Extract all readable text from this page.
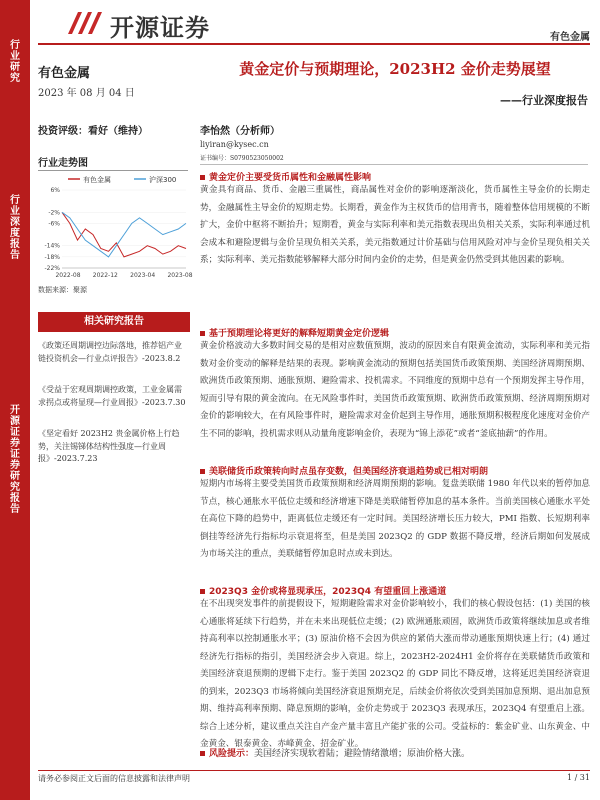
行业研究
行业深度报告
开源证券 证券研究报告
开源证券	有色金属
有色金属
2023 年 08 月 04 日
投资评级：看好（维持）
行业走势图
有色金属	沪深300
6%
-2%
-6%
-14%
-18%
-22%
2022-08 2022-12 2023-04 2023-08
数据来源：聚源
相关研究报告
《政策还周期调控边际落地，推荐铝产业链投资机会—行业点评报告》-2023.8.2
《受益于宏观周期调控政策，工业金属需求拐点或将显现—行业周报》-2023.7.30
《坚定看好 2023H2 贵金属价格上行趋势，关注锡锑体结构性强度—行业周报》-2023.7.23
黄金定价与预期理论，2023H2 金价走势展望
——行业深度报告
李怡然（分析师）
liyiran@kysec.cn
证书编号：S0790523050002
黄金定价主要受货币属性和金融属性影响
黄金具有商品、货币、金融三重属性，商品属性对金价的影响逐渐淡化，货币属性主导金价的长期走势，金融属性主导金价的短期走势。长期看，黄金作为主权货币的信用背书，随着整体信用规模的不断扩大，金价中枢将不断抬升；短期看，黄金与实际利率和美元指数表现出负相关关系，实际利率通过机会成本和避险逻辑与金价呈现负相关关系，美元指数通过计价基础与信用风险对冲与金价呈现负相关关系；实际利率、美元指数能够解释大部分时间内金价的走势，但是黄金仍然受到其他因素的影响。
基于预期理论将更好的解释短期黄金定价逻辑
黄金价格波动大多数时间交易的是相对应数值预期，波动的原因来自有限黄金流动，实际利率和美元指数对金价变动的解释是结果的表现。影响黄金流动的预期包括美国货币政策预期、美国经济周期预期、欧洲货币政策预期、通胀预期、避险需求、投机需求。不同维度的预期中总有一个预期发挥主导作用，短而引导有限的黄金流向。在无风险事件时，美国货币政策预期、欧洲货币政策预期、经济周期预期对金价的影响较大，在有风险事件时，避险需求对金价起到主导作用，通胀预期积极程度化速度对金价产生不同的影响，投机需求则从动量角度影响金价，表现为“锦上添花”或者“釜底抽薪”的作用。
美联储货币政策转向时点虽存变数，但美国经济衰退趋势或已相对明朗
短期内市场将主要受美国货币政策预期和经济周期预期的影响。复盘美联储 1980 年代以来的暂停加息节点，核心通胀水平低位走缓和经济增速下降是美联储暂停加息的基本条件。当前美国核心通胀水平处在高位下降的趋势中，距离低位走缓还有一定时间。美国经济增长压力较大，PMI 指数、长短期利率倒挂等经济先行指标均示衰退将至，但是美国 2023Q2 的 GDP 数据不降反增，经济后期如何发展成为市场关注的重点，美联储暂停加息时点或未到达。
2023Q3 金价或将显现承压，2023Q4 有望重回上涨通道
在不出现突发事件的前提假设下，短期避险需求对金价影响较小，我们的核心假设包括：(1) 美国的核心通胀将延续下行趋势，并在未来出现低位走缓；(2) 欧洲通胀顽固，欧洲货币政策将继续加息或者维持高利率以控制通胀水平；(3) 原油价格不会因为供应的紧俏大涨而带动通胀预期快速上行；(4) 通过经济先行指标的指引，美国经济会步入衰退。综上，2023H2-2024H1 金价将存在美联储货币政策和美国经济衰退预期的逻辑下走行。鉴于美国 2023Q2 的 GDP 同比不降反增，这将延迟美国经济衰退的到来，2023Q3 市场将倾向美国经济衰退预期充足，后续金价将依次受到美国加息预期、退出加息预期、维持高利率预期、降息预期的影响，金价走势或于 2023Q3 表现承压，2023Q4 有望重启上涨。综合上述分析，建议重点关注自产金产量丰富且产能扩张的公司。受益标的：紫金矿业、山东黄金、中金黄金、银泰黄金、赤峰黄金、招金矿业。
风险提示：美国经济实现软着陆；避险情绪激增；原油价格大涨。
请务必参阅正文后面的信息披露和法律声明	1 / 31
